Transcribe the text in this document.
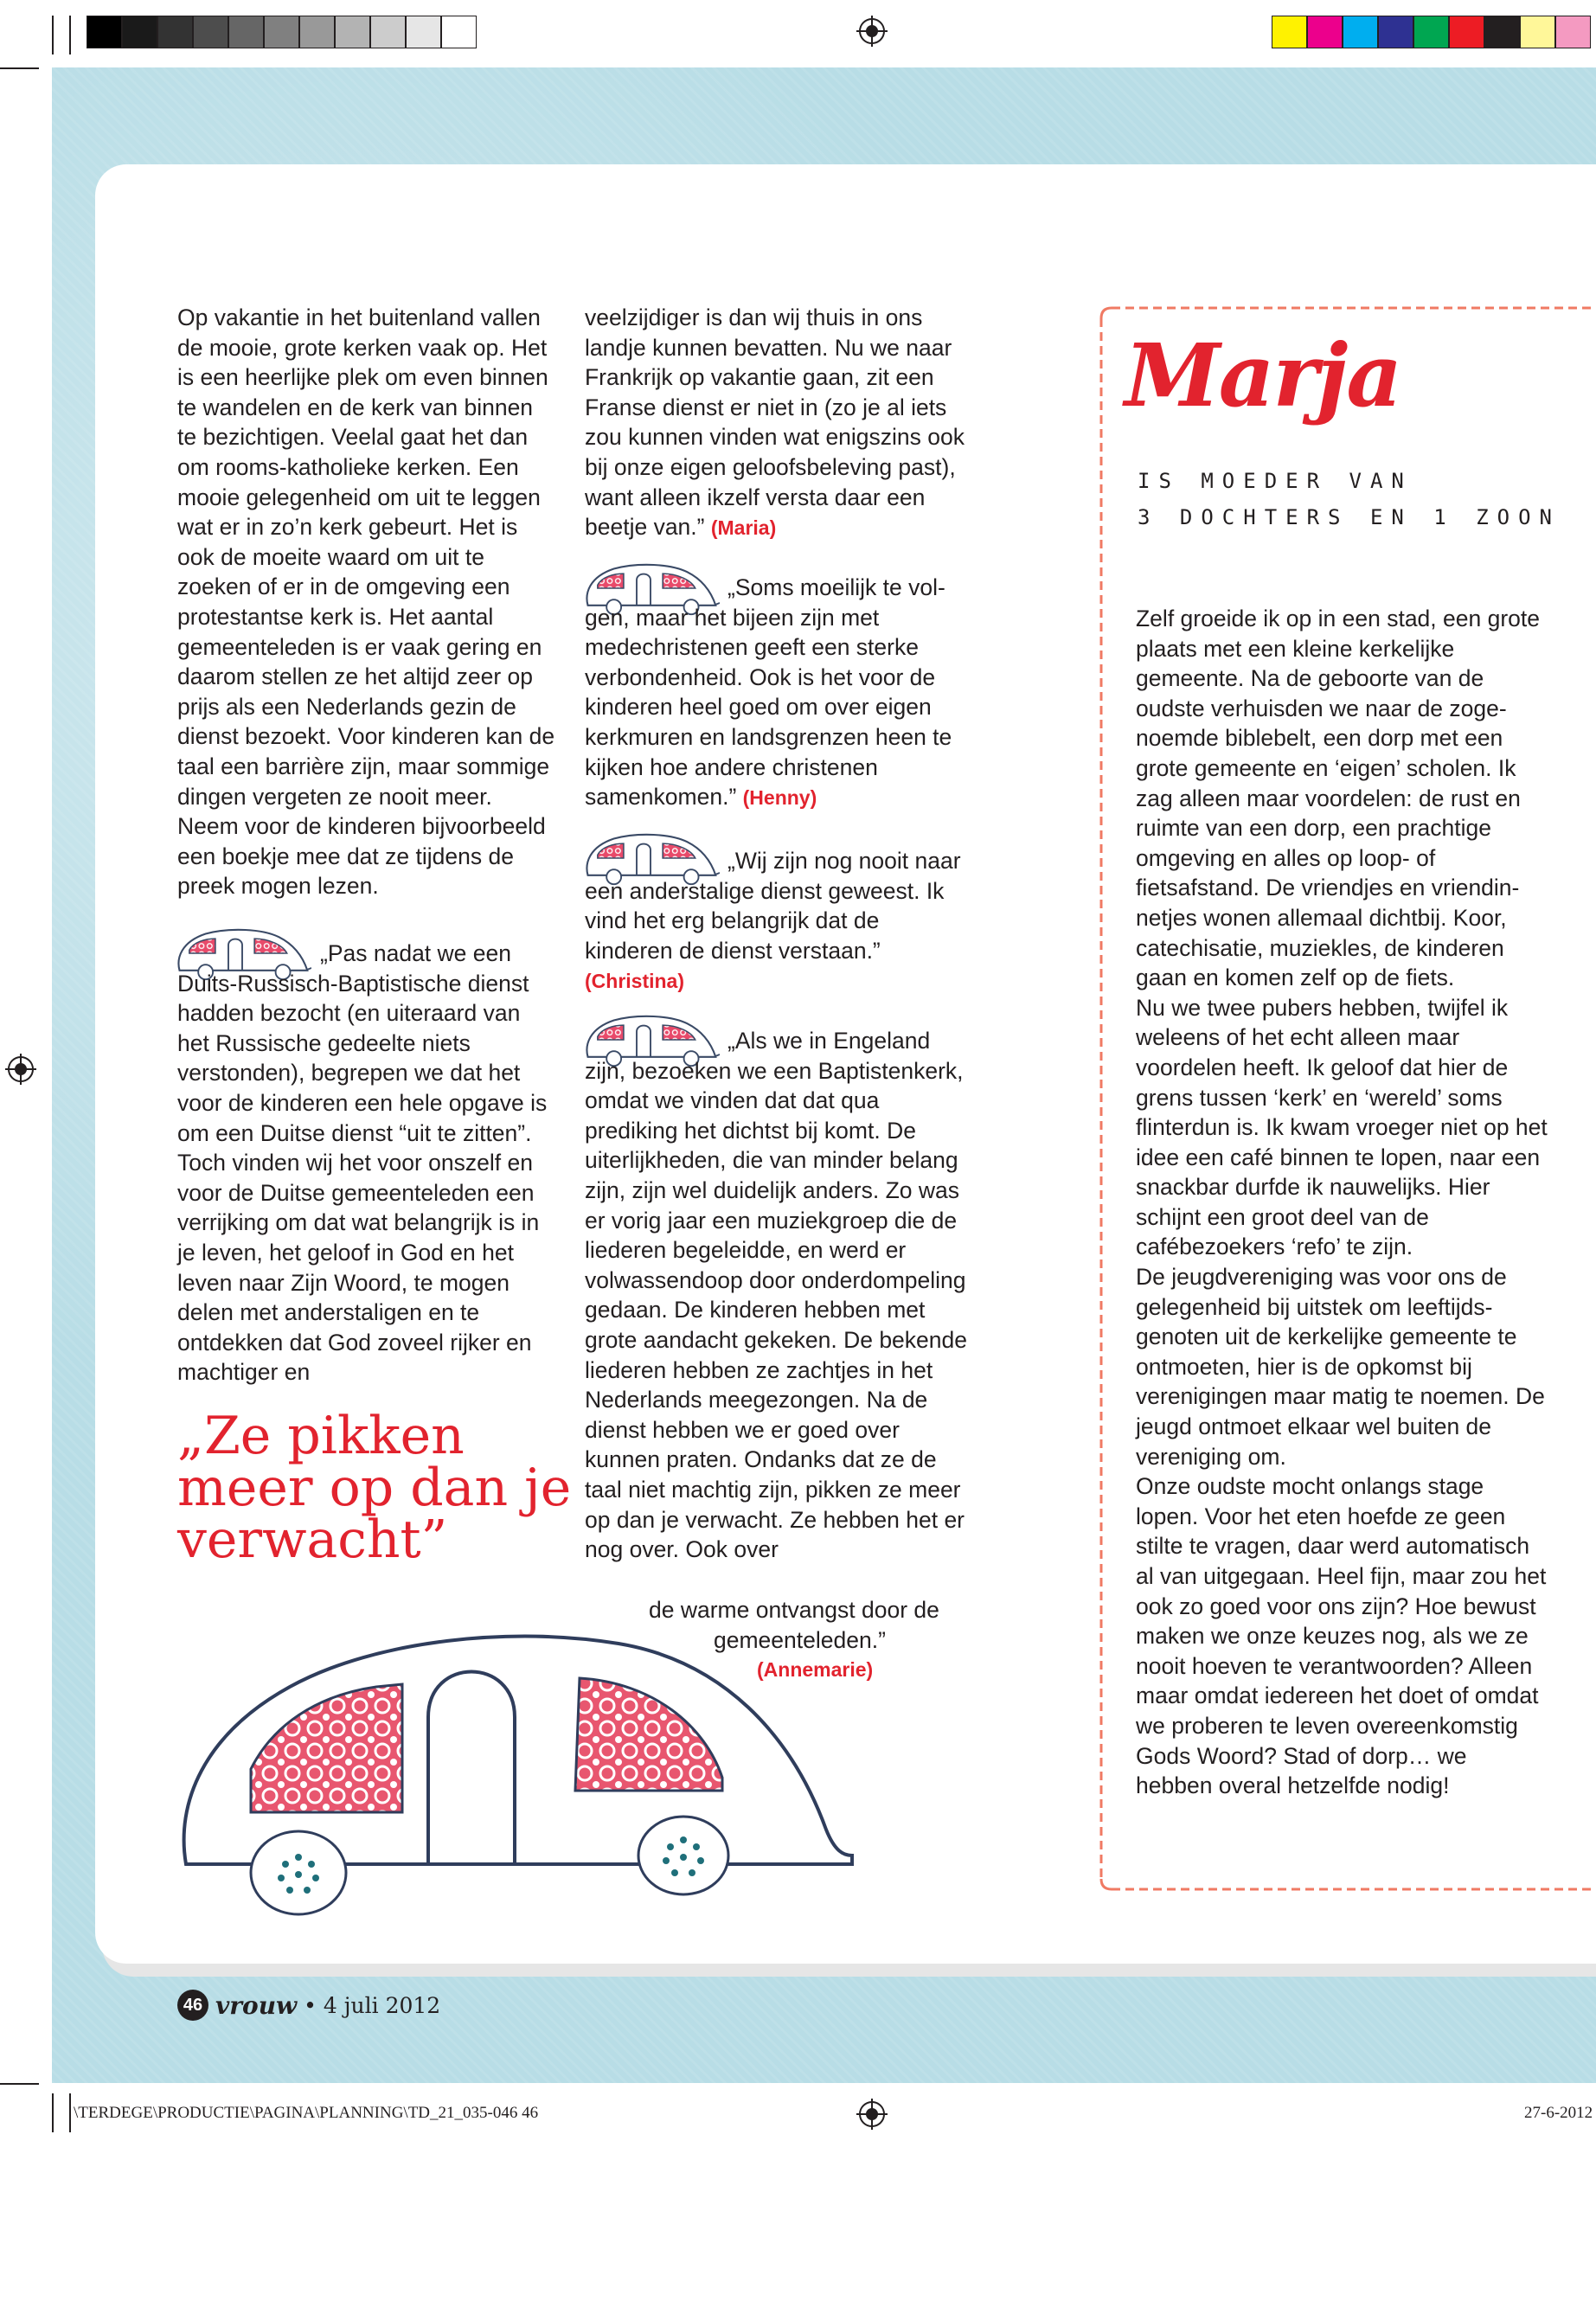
Op vakantie in het buitenland vallen de mooie, grote kerken vaak op. Het is een heerlijke plek om even binnen te wandelen en de kerk van binnen te bezichtigen. Veelal gaat het dan om rooms-katholieke kerken. Een mooie gelegenheid om uit te leggen wat er in zo’n kerk gebeurt. Het is ook de moeite waard om uit te zoeken of er in de omgeving een protestantse kerk is. Het aantal gemeenteleden is er vaak gering en daarom stellen ze het altijd zeer op prijs als een Nederlands gezin de dienst bezoekt. Voor kinderen kan de taal een barrière zijn, maar sommige dingen vergeten ze nooit meer. Neem voor de kinderen bijvoorbeeld een boekje mee dat ze tijdens de preek mogen lezen.

„Pas nadat we een Duits-Russisch-Baptistische dienst hadden bezocht (en uiteraard van het Russische gedeelte niets verstonden), begrepen we dat het voor de kinderen een hele opgave is om een Duitse dienst “uit te zitten”. Toch vinden wij het voor onszelf en voor de Duitse gemeenteleden een verrijking om dat wat belangrijk is in je leven, het geloof in God en het leven naar Zijn Woord, te mogen delen met anderstaligen en te ontdekken dat God zoveel rijker en machtiger en

„Ze pikken meer op dan je verwacht”

veelzijdiger is dan wij thuis in ons landje kunnen bevatten. Nu we naar Frankrijk op vakantie gaan, zit een Franse dienst er niet in (zo je al iets zou kunnen vinden wat enigszins ook bij onze eigen geloofsbeleving past), want alleen ikzelf versta daar een beetje van.” (Maria)

„Soms moeilijk te volgen, maar het bijeen zijn met medechristenen geeft een sterke verbondenheid. Ook is het voor de kinderen heel goed om over eigen kerkmuren en landsgrenzen heen te kijken hoe andere christenen samenkomen.” (Henny)

„Wij zijn nog nooit naar een anderstalige dienst geweest. Ik vind het erg belangrijk dat de kinderen de dienst verstaan.” (Christina)

„Als we in Engeland zijn, bezoeken we een Baptistenkerk, omdat we vinden dat dat qua prediking het dichtst bij komt. De uiterlijkheden, die van minder belang zijn, zijn wel duidelijk anders. Zo was er vorig jaar een muziekgroep die de liederen begeleidde, en werd er volwassendoop door onderdompeling gedaan. De kinderen hebben met grote aandacht gekeken. De bekende liederen hebben ze zachtjes in het Nederlands meegezongen. Na de dienst hebben we er goed over kunnen praten. Ondanks dat ze de taal niet machtig zijn, pikken ze meer op dan je verwacht. Ze hebben het er nog over. Ook over

de warme ontvangst door de

gemeenteleden.”

(Annemarie)

Marja
IS MOEDER VAN
3 DOCHTERS EN 1 ZOON

Zelf groeide ik op in een stad, een grote plaats met een kleine kerkelijke gemeente. Na de geboorte van de oudste verhuisden we naar de zogenoemde biblebelt, een dorp met een grote gemeente en ‘eigen’ scholen. Ik zag alleen maar voordelen: de rust en ruimte van een dorp, een prachtige omgeving en alles op loop- of fietsafstand. De vriendjes en vriendinnetjes wonen allemaal dichtbij. Koor, catechisatie, muziekles, de kinderen gaan en komen zelf op de fiets.

Nu we twee pubers hebben, twijfel ik weleens of het echt alleen maar voordelen heeft. Ik geloof dat hier de grens tussen ‘kerk’ en ‘wereld’ soms flinterdun is. Ik kwam vroeger niet op het idee een café binnen te lopen, naar een snackbar durfde ik nauwelijks. Hier schijnt een groot deel van de cafébezoekers ‘refo’ te zijn.

De jeugdvereniging was voor ons de gelegenheid bij uitstek om leeftijdsgenoten uit de kerkelijke gemeente te ontmoeten, hier is de opkomst bij verenigingen maar matig te noemen. De jeugd ontmoet elkaar wel buiten de vereniging om.

Onze oudste mocht onlangs stage lopen. Voor het eten hoefde ze geen stilte te vragen, daar werd automatisch al van uitgegaan. Heel fijn, maar zou het ook zo goed voor ons zijn? Hoe bewust maken we onze keuzes nog, als we ze nooit hoeven te verantwoorden? Alleen maar omdat iedereen het doet of omdat we proberen te leven overeenkomstig Gods Woord? Stad of dorp… we hebben overal hetzelfde nodig!

46 vrouw • 4 juli 2012
\TERDEGE\PRODUCTIE\PAGINA\PLANNING\TD_21_035-046 46	27-6-2012
